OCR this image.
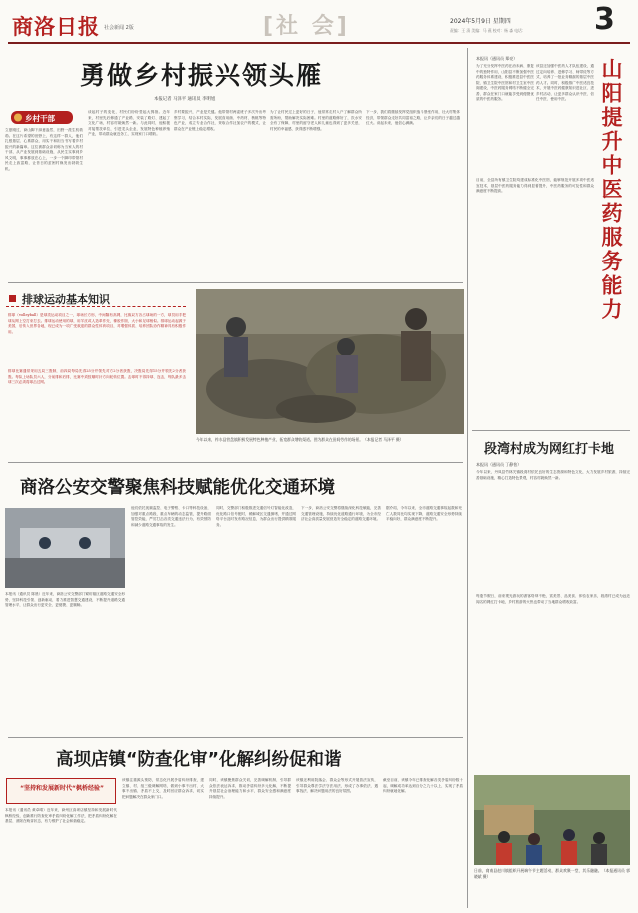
商洛日报 社会新闻 2版	[社 会]	2024年5月9日 星期四
责编：王 清 美编：马 燕 校对：杨 淼 电话： 3
勇做乡村振兴领头雁
本报记者 马泽平 通讯员 李明旭
乡村干部
立夏刚过，商山脚下绿意盎然，田野一派生机勃勃。在这片希望的田野上，有这样一群人，他们扎根基层、心系群众，用实干和担当书写着乡村振兴的新篇章。这位被群众亲切称为当家人的村干部，从产业发展到基础设施，从民生实事到乡风文明，事事都放在心上，一步一个脚印带领村民走上致富路，让昔日的贫困村焕发出勃勃生机。
谈起村子的变化，村民们纷纷竖起大拇指。近年来，村里先后修通了产业路、安装了路灯、建起了文化广场，村容村貌焕然一新。与此同时，他积极对接帮扶单位，引进龙头企业，发展特色种植养殖产业，带动群众就近务工，实现家门口增收。
乡村要振兴，产业是关键。他带领村两委班子多次外出考察学习，结合本村实际，发展食用菌、中药材、核桃等特色产业，成立专业合作社，采取合作社加农户的模式，让群众在产业链上稳定增收。
为了让村民过上更好的日子，他常常走村入户了解群众所需所盼，帮助解决实际困难。村里的道路修好了，饮水安全有了保障，村里的留守老人和儿童也得到了更多关爱，村民的幸福感、获得感不断增强。
下一步，我们将继续发挥党组织战斗堡垒作用，壮大村集体经济，带领群众走好共同富裕之路，让乡亲们的日子越过越红火。谈起未来，他信心满满。
排球运动基本知识
排球（volleyball）是球类运动项目之一，球场长方形，中间隔有高网，比赛双方各占球场的一方，球员用手把球从网上空打来打去。排球运动使用的球，用羊皮或人造革作壳，橡胶作胆，大小和足球相似。排球运动起源于美国，后传入世界各地，现已成为一项广受欢迎的群众性体育项目，对增强体质、培养团队协作精神具有积极作用。
排球比赛通常采用五局三胜制，前四局每局先得25分并领先对方2分者获胜，决胜局先得15分并领先2分者获胜。每队上场队员六人，分前排和后排，比赛中须按顺时针方向轮转位置。击球时不得持球、连击，每队最多击球三次必须将球击过网。
今年以来，柞水县营盘镇积极发展特色种植产业，拓宽群众增收渠道。图为群众在田间劳作的场景。（本报记者 马泽平 摄）
商洛公安交警聚焦科技赋能优化交通环境
本报讯（通讯员 陈晨）近年来，商洛公安交警部门紧盯辖区道路交通安全形势，坚持科技引领、创新驱动，着力推进智慧交通建设，不断提升道路交通管理水平，让群众出行更安全、更便捷、更顺畅。
他们依托视频监控、电子警察、卡口等科技设备，加强对重点路段、重点车辆的动态监管，提升路面管控效能，严厉打击各类交通违法行为，有效预防和减少道路交通事故的发生。
同时，交警部门积极推进交通信号灯智能化改造，优化路口信号配时，缓解城区交通拥堵，并通过网络平台及时发布路况信息，为群众出行提供精准服务。
下一步，商洛公安交警将继续深化科技赋能，完善交通管理设施，持续优化道路通行环境，为全市经济社会高质量发展营造安全稳定的道路交通环境。
据介绍，今年以来，全市道路交通事故起数和死亡人数同比均实现下降，道路交通安全形势持续平稳向好，群众满意度不断提升。
高坝店镇“防查化审”化解纠纷促和谐
“坚持和发展新时代“枫桥经验”
本报讯（通讯员 黄卓晴）近年来，商州区高坝店镇坚持和发展新时代枫桥经验，创新推行防查化审矛盾纠纷化解工作法，把矛盾纠纷化解在基层、消除在萌芽状态，有力维护了社会和谐稳定。
该镇注重源头预防，常态化开展矛盾纠纷排查，建立镇、村、组三级调解网络，做到小事不出村、大事不出镇、矛盾不上交，及时回应群众诉求，切实把问题解决在群众家门口。
同时，该镇聚焦群众关切，完善调解机制，引导群众依法表达诉求，推动矛盾纠纷多元化解，不断提升基层社会治理能力和水平，群众安全感和满意度持续提升。
该镇还利用院落会、群众会等形式开展普法宣传，引导群众尊法学法守法用法，形成了办事依法、遇事找法、解决问题用法的良好氛围。
截至目前，该镇今年已排查化解各类矛盾纠纷数十起，调解成功率达到百分之九十以上，实现了矛盾纠纷就地化解。
山阳提升中医药服务能力
本报讯（通讯员 郑亮）
为了充分发挥中医药在治未病、康复中的独特作用，山阳县不断加强中医药服务体系建设，积极推进县中医医院、镇卫生院中医馆和村卫生室中医阁建设，中医药服务网络不断健全完善，群众在家门口就能享受到便捷优质的中医药服务。
该县还加强中医药人才队伍建设，通过定向培养、进修学习、师带徒等方式，培养了一批业务精湛的基层中医药人才。同时，积极推广中医适宜技术，开展中医药健康知识进社区、进乡村活动，让更多群众认识中医、信任中医、使用中医。
目前，全县所有镇卫生院均建成标准化中医馆，能够规范开展多项中医适宜技术，基层中医药服务能力得到显著提升，中医药服务的可及性和群众满意度不断提高。
段湾村成为网红打卡地
本报讯（通讯员 丁静怡）
今年以来，丹凤县竹林关镇段湾村依托良好的生态资源和特色文化，大力发展乡村旅游，持续完善基础设施，精心打造特色景观，村容村貌焕然一新。
每逢节假日，前来观光游玩的游客络绎不绝，赏美景、品美食、体验农家乐，段湾村已成为远近闻名的网红打卡地，乡村旅游的火热也带动了当地群众增收致富。
日前，商南县赵川镇组织开展端午节主题活动，群众欢聚一堂，其乐融融。（本报通讯员 郭晓斌 摄）
